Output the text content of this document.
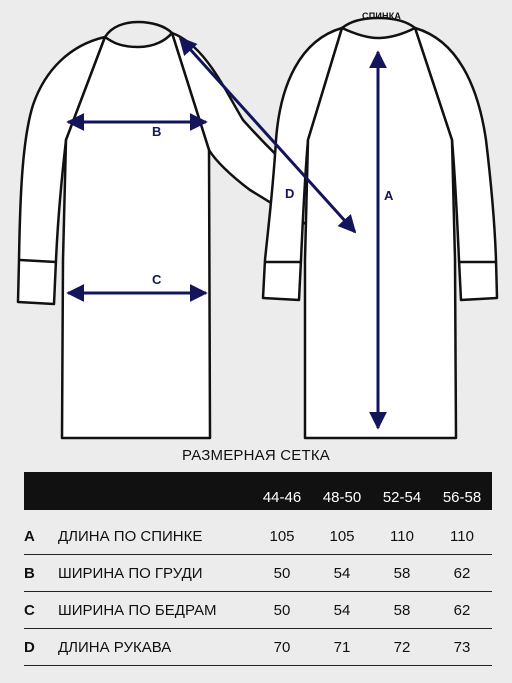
B
C
D	A
СПИНКА
РАЗМЕРНАЯ СЕТКА
		44-46	48-50	52-54	56-58
A	ДЛИНА ПО СПИНКЕ	105	105	110	110
B	ШИРИНА ПО ГРУДИ	50	54	58	62
C	ШИРИНА ПО БЕДРАМ	50	54	58	62
D	ДЛИНА РУКАВА	70	71	72	73
